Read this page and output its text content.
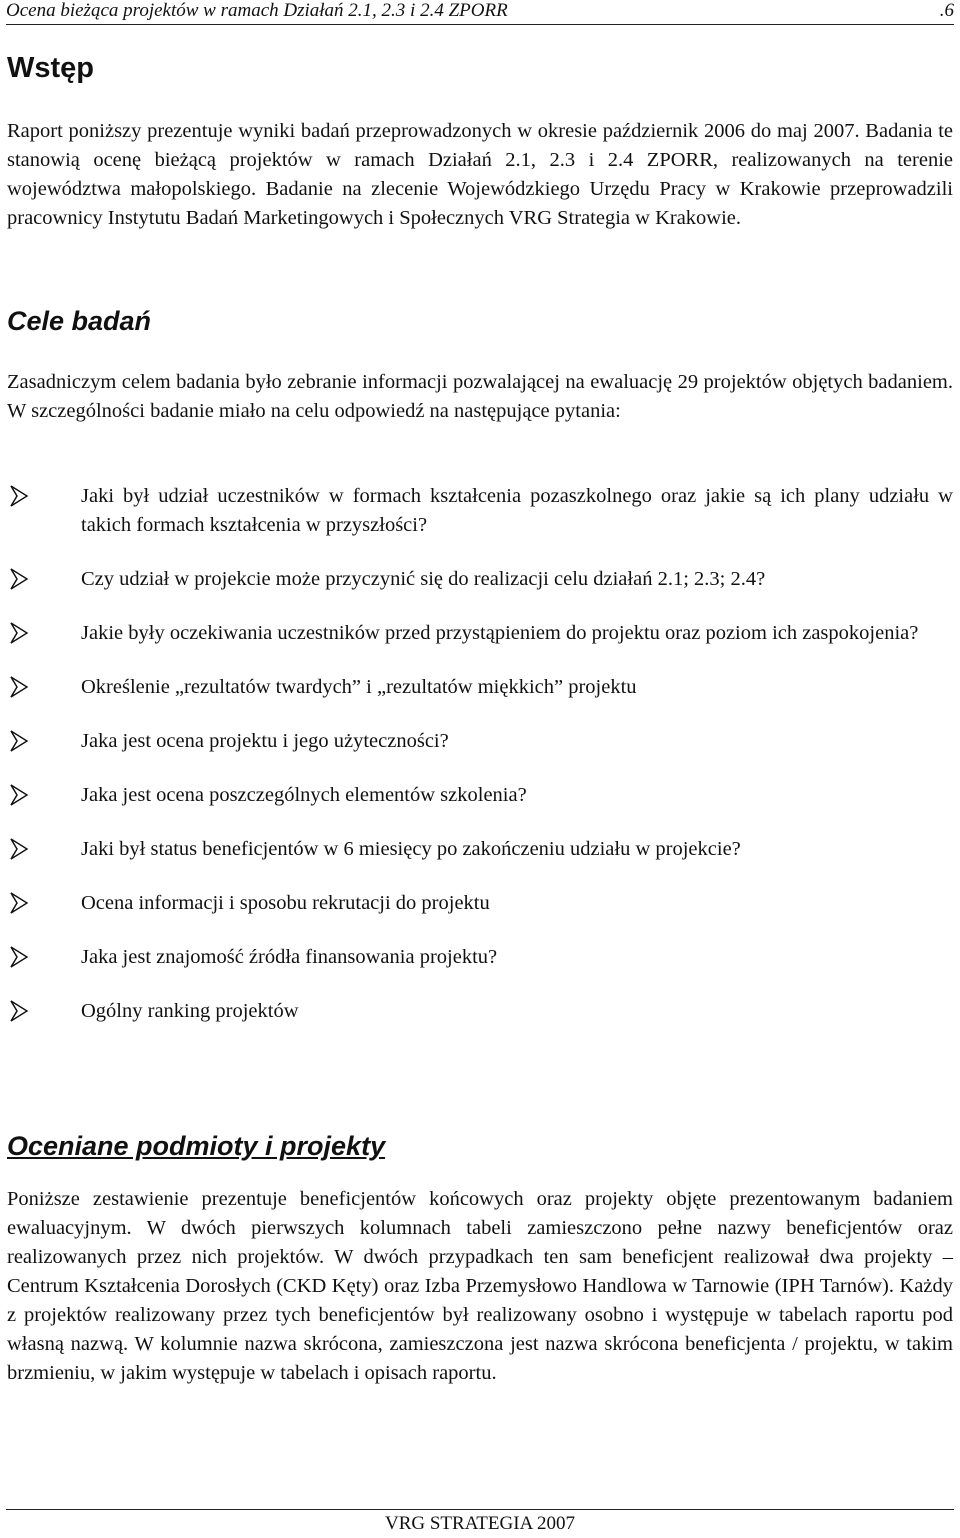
Ocena bieżąca projektów w ramach Działań 2.1, 2.3 i 2.4 ZPORR	.6
Wstęp

Raport poniższy prezentuje wyniki badań przeprowadzonych w okresie październik 2006 do maj 2007. Badania te stanowią ocenę bieżącą projektów w ramach Działań 2.1, 2.3 i 2.4 ZPORR, realizowanych na terenie województwa małopolskiego. Badanie na zlecenie Wojewódzkiego Urzędu Pracy w Krakowie przeprowadzili pracownicy Instytutu Badań Marketingowych i Społecznych VRG Strategia w Krakowie.

Cele badań

Zasadniczym celem badania było zebranie informacji pozwalającej na ewaluację 29 projektów objętych badaniem. W szczególności badanie miało na celu odpowiedź na następujące pytania:

Jaki był udział uczestników w formach kształcenia pozaszkolnego oraz jakie są ich plany udziału w takich formach kształcenia w przyszłości?
Czy udział w projekcie może przyczynić się do realizacji celu działań 2.1; 2.3; 2.4?
Jakie były oczekiwania uczestników przed przystąpieniem do projektu oraz poziom ich zaspokojenia?
Określenie „rezultatów twardych” i „rezultatów miękkich” projektu
Jaka jest ocena projektu i jego użyteczności?
Jaka jest ocena poszczególnych elementów szkolenia?
Jaki był status beneficjentów w 6 miesięcy po zakończeniu udziału w projekcie?
Ocena informacji i sposobu rekrutacji do projektu
Jaka jest znajomość źródła finansowania projektu?
Ogólny ranking projektów
Oceniane podmioty i projekty

Poniższe zestawienie prezentuje beneficjentów końcowych oraz projekty objęte prezentowanym badaniem ewaluacyjnym. W dwóch pierwszych kolumnach tabeli zamieszczono pełne nazwy beneficjentów oraz realizowanych przez nich projektów. W dwóch przypadkach ten sam beneficjent realizował dwa projekty – Centrum Kształcenia Dorosłych (CKD Kęty) oraz Izba Przemysłowo Handlowa w Tarnowie (IPH Tarnów). Każdy z projektów realizowany przez tych beneficjentów był realizowany osobno i występuje w tabelach raportu pod własną nazwą. W kolumnie nazwa skrócona, zamieszczona jest nazwa skrócona beneficjenta / projektu, w takim brzmieniu, w jakim występuje w tabelach i opisach raportu.

VRG STRATEGIA 2007
